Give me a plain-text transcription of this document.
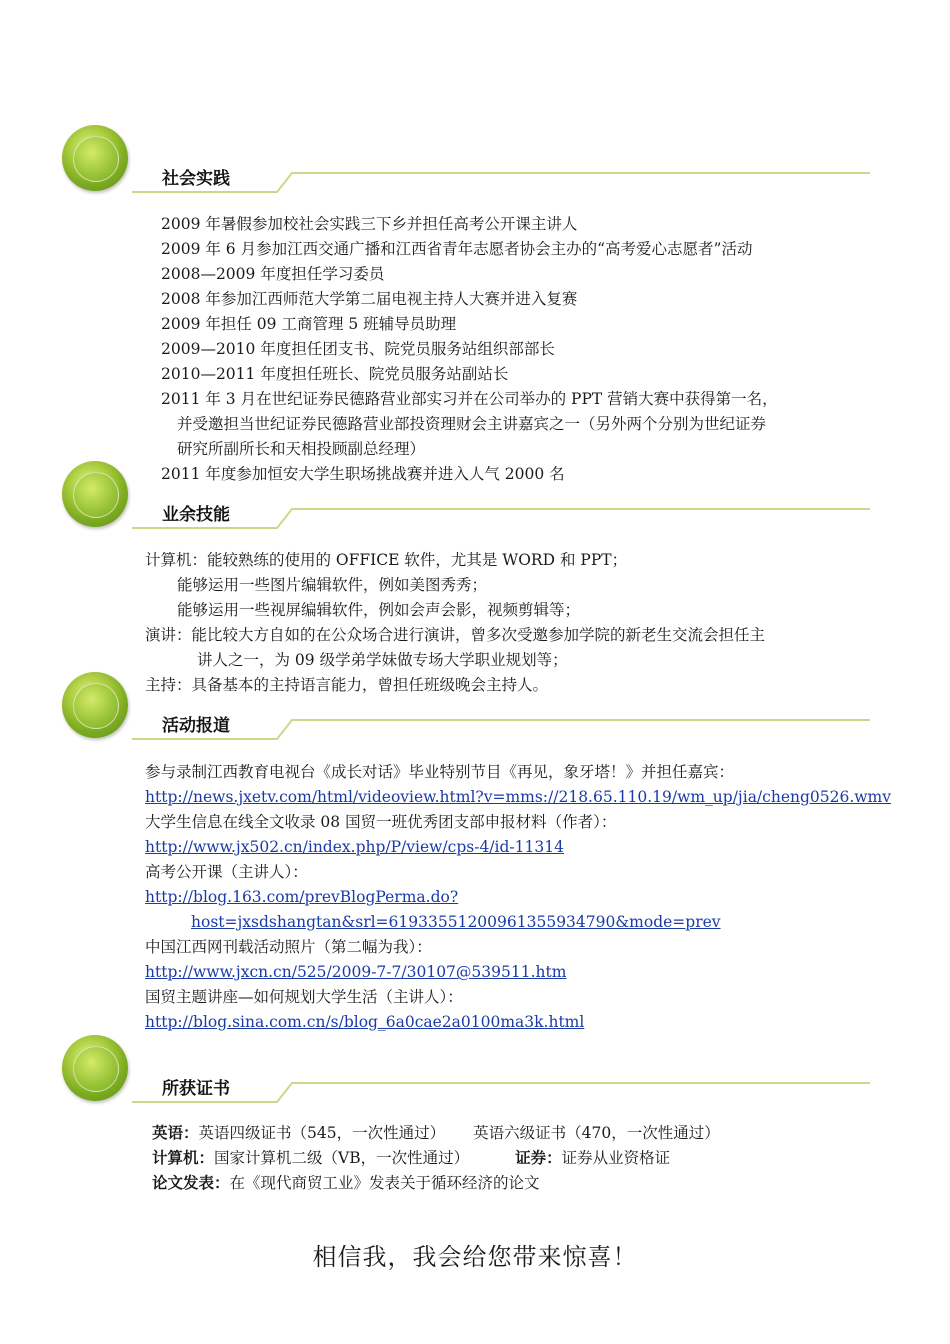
社会实践
2009 年暑假参加校社会实践三下乡并担任高考公开课主讲人
2009 年 6 月参加江西交通广播和江西省青年志愿者协会主办的“高考爱心志愿者”活动
2008—2009 年度担任学习委员
2008 年参加江西师范大学第二届电视主持人大赛并进入复赛
2009 年担任 09 工商管理 5 班辅导员助理
2009—2010 年度担任团支书、院党员服务站组织部部长
2010—2011 年度担任班长、院党员服务站副站长
2011 年 3 月在世纪证券民德路营业部实习并在公司举办的 PPT 营销大赛中获得第一名，
并受邀担当世纪证券民德路营业部投资理财会主讲嘉宾之一（另外两个分别为世纪证券
研究所副所长和天相投顾副总经理）
2011 年度参加恒安大学生职场挑战赛并进入人气 2000 名
业余技能
计算机：能较熟练的使用的 OFFICE 软件，尤其是 WORD 和 PPT；
能够运用一些图片编辑软件，例如美图秀秀；
能够运用一些视屏编辑软件，例如会声会影，视频剪辑等；
演讲：能比较大方自如的在公众场合进行演讲，曾多次受邀参加学院的新老生交流会担任主
讲人之一，为 09 级学弟学妹做专场大学职业规划等；
主持：具备基本的主持语言能力，曾担任班级晚会主持人。
活动报道
参与录制江西教育电视台《成长对话》毕业特别节目《再见，象牙塔！》并担任嘉宾：
http://news.jxetv.com/html/videoview.html?v=mms://218.65.110.19/wm_up/jia/cheng0526.wmv
大学生信息在线全文收录 08 国贸一班优秀团支部申报材料（作者）：
http://www.jx502.cn/index.php/P/view/cps-4/id-11314
高考公开课（主讲人）：
http://blog.163.com/prevBlogPerma.do?
host=jxsdshangtan&srl=6193355120096135593479​0&mode=prev
中国江西网刊载活动照片（第二幅为我）：
http://www.jxcn.cn/525/2009-7-7/30107@539511.htm
国贸主题讲座—如何规划大学生活（主讲人）：
http://blog.sina.com.cn/s/blog_6a0cae2a0100ma3k.html
所获证书
英语：英语四级证书（545，一次性通过） 英语六级证书（470，一次性通过）
计算机：国家计算机二级（VB，一次性通过）	证券：证券从业资格证
论文发表：在《现代商贸工业》发表关于循环经济的论文
相信我，我会给您带来惊喜！
